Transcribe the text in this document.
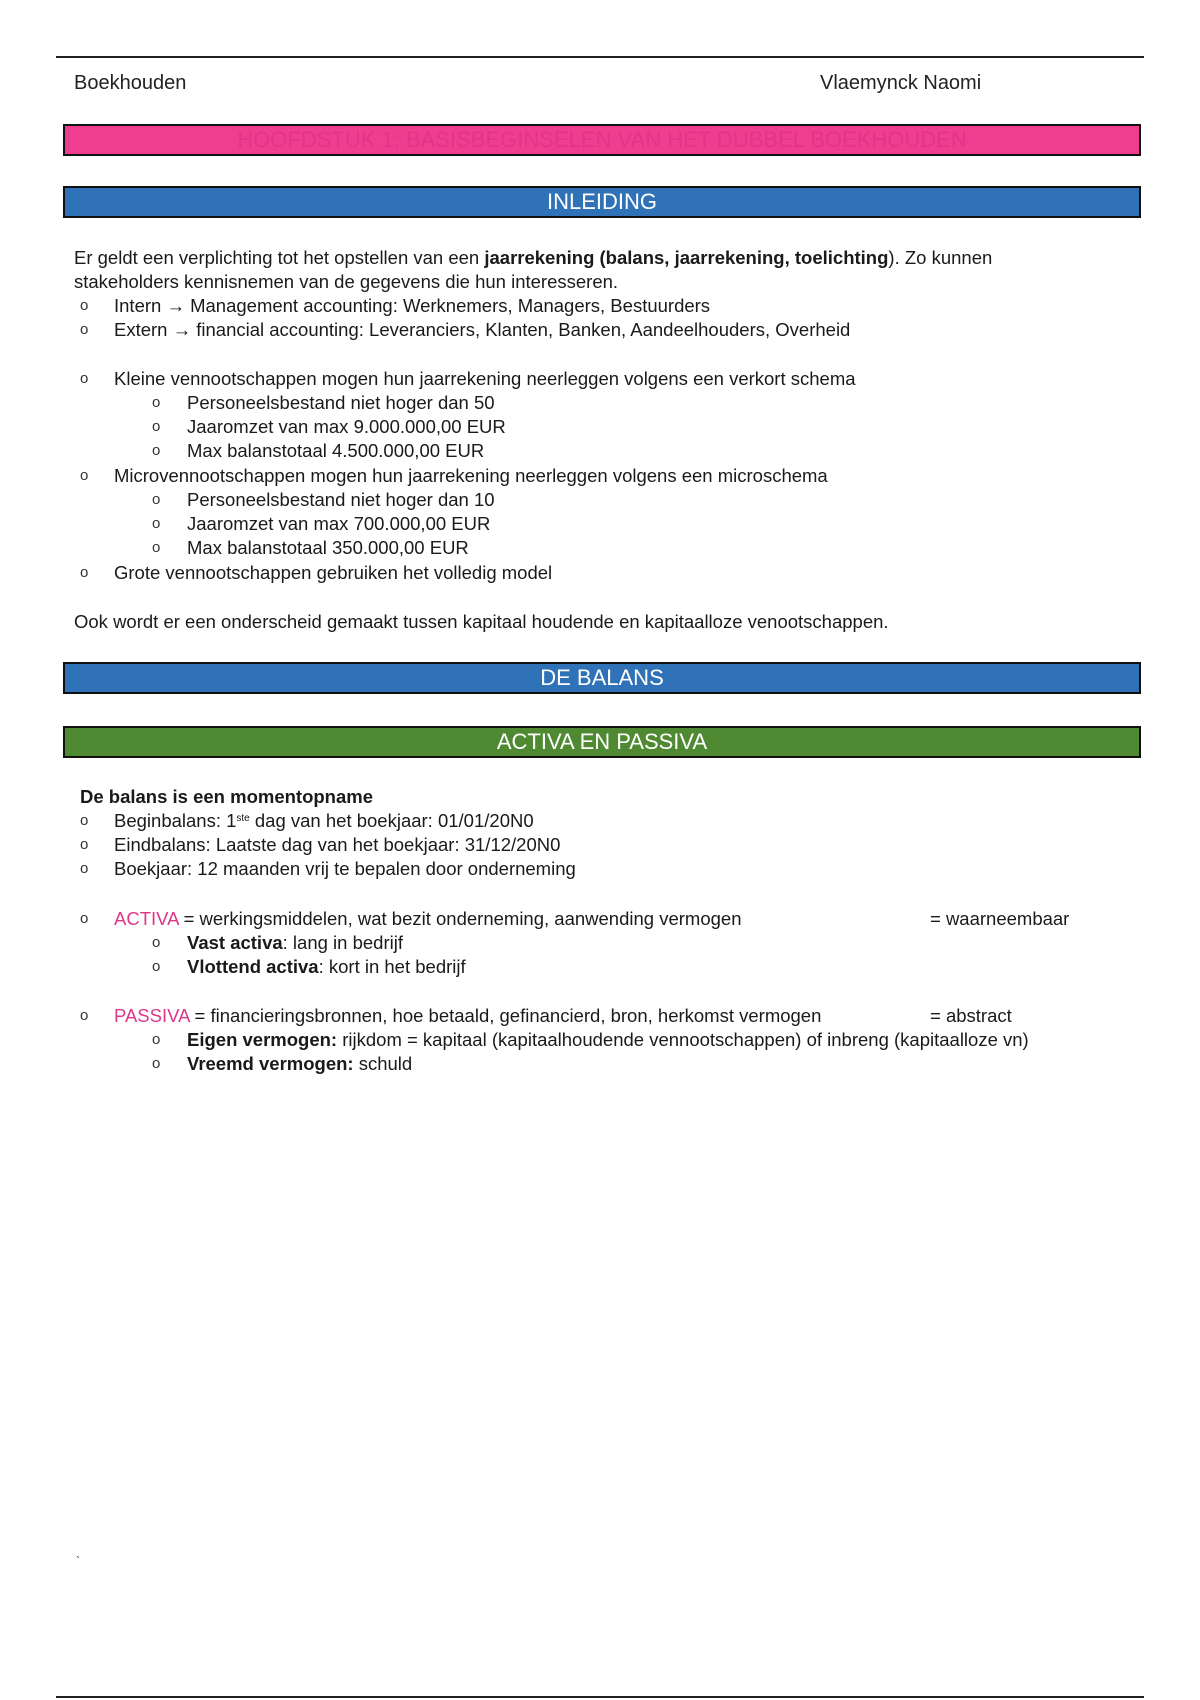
Boekhouden	Vlaemynck Naomi
HOOFDSTUK 1: BASISBEGINSELEN VAN HET DUBBEL BOEKHOUDEN
INLEIDING
Er geldt een verplichting tot het opstellen van een jaarrekening (balans, jaarrekening, toelichting). Zo kunnen stakeholders kennisnemen van de gegevens die hun interesseren.
o Intern → Management accounting: Werknemers, Managers, Bestuurders
o Extern → financial accounting: Leveranciers, Klanten, Banken, Aandeelhouders, Overheid
o Kleine vennootschappen mogen hun jaarrekening neerleggen volgens een verkort schema
o Personeelsbestand niet hoger dan 50
o Jaaromzet van max 9.000.000,00 EUR
o Max balanstotaal 4.500.000,00 EUR
o Microvennootschappen mogen hun jaarrekening neerleggen volgens een microschema
o Personeelsbestand niet hoger dan 10
o Jaaromzet van max 700.000,00 EUR
o Max balanstotaal 350.000,00 EUR
o Grote vennootschappen gebruiken het volledig model
Ook wordt er een onderscheid gemaakt tussen kapitaal houdende en kapitaalloze venootschappen.
DE BALANS
ACTIVA EN PASSIVA
De balans is een momentopname
o Beginbalans: 1ste dag van het boekjaar: 01/01/20N0
o Eindbalans: Laatste dag van het boekjaar: 31/12/20N0
o Boekjaar: 12 maanden vrij te bepalen door onderneming
o ACTIVA = werkingsmiddelen, wat bezit onderneming, aanwending vermogen	= waarneembaar
o Vast activa: lang in bedrijf
o Vlottend activa: kort in het bedrijf
o PASSIVA = financieringsbronnen, hoe betaald, gefinancierd, bron, herkomst vermogen	= abstract
o Eigen vermogen: rijkdom = kapitaal (kapitaalhoudende vennootschappen) of inbreng (kapitaalloze vn)
o Vreemd vermogen: schuld
`
